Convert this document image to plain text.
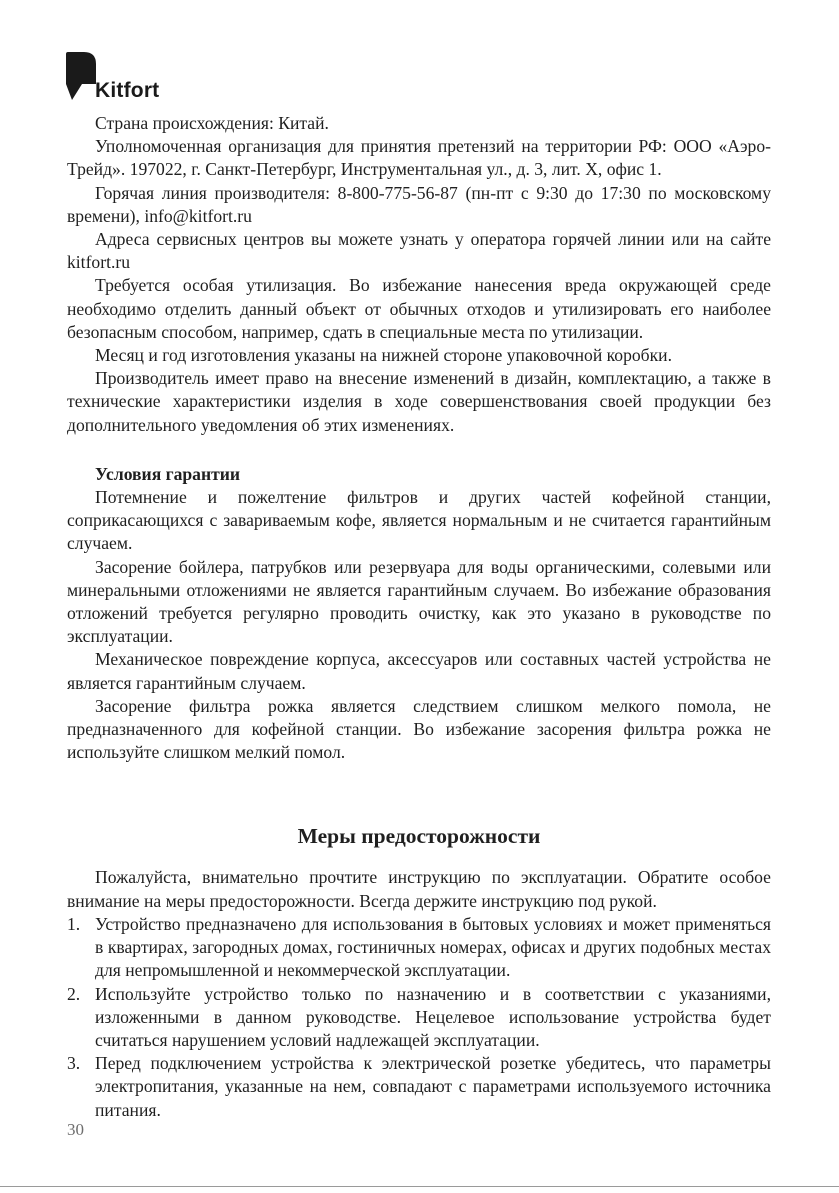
Kitfort

Страна происхождения: Китай.

Уполномоченная организация для принятия претензий на территории РФ: ООО «Аэро-Трейд». 197022, г. Санкт-Петербург, Инструментальная ул., д. 3, лит. Х, офис 1.

Горячая линия производителя: 8-800-775-56-87 (пн-пт с 9:30 до 17:30 по московскому времени), info@kitfort.ru

Адреса сервисных центров вы можете узнать у оператора горячей линии или на сайте kitfort.ru

Требуется особая утилизация. Во избежание нанесения вреда окружающей среде необходимо отделить данный объект от обычных отходов и утилизировать его наиболее безопасным способом, например, сдать в специальные места по утилизации.

Месяц и год изготовления указаны на нижней стороне упаковочной коробки.

Производитель имеет право на внесение изменений в дизайн, комплектацию, а также в технические характеристики изделия в ходе совершенствования своей продукции без дополнительного уведомления об этих изменениях.

Условия гарантии

Потемнение и пожелтение фильтров и других частей кофейной станции, соприкасающихся с завариваемым кофе, является нормальным и не считается гарантийным случаем.

Засорение бойлера, патрубков или резервуара для воды органическими, солевыми или минеральными отложениями не является гарантийным случаем. Во избежание образования отложений требуется регулярно проводить очистку, как это указано в руководстве по эксплуатации.

Механическое повреждение корпуса, аксессуаров или составных частей устройства не является гарантийным случаем.

Засорение фильтра рожка является следствием слишком мелкого помола, не предназначенного для кофейной станции. Во избежание засорения фильтра рожка не используйте слишком мелкий помол.

Меры предосторожности

Пожалуйста, внимательно прочтите инструкцию по эксплуатации. Обратите особое внимание на меры предосторожности. Всегда держите инструкцию под рукой.

1. Устройство предназначено для использования в бытовых условиях и может применяться в квартирах, загородных домах, гостиничных номерах, офисах и других подобных местах для непромышленной и некоммерческой эксплуатации.
2. Используйте устройство только по назначению и в соответствии с указаниями, изложенными в данном руководстве. Нецелевое использование устройства будет считаться нарушением условий надлежащей эксплуатации.
3. Перед подключением устройства к электрической розетке убедитесь, что параметры электропитания, указанные на нем, совпадают с параметрами используемого источника питания.
30
